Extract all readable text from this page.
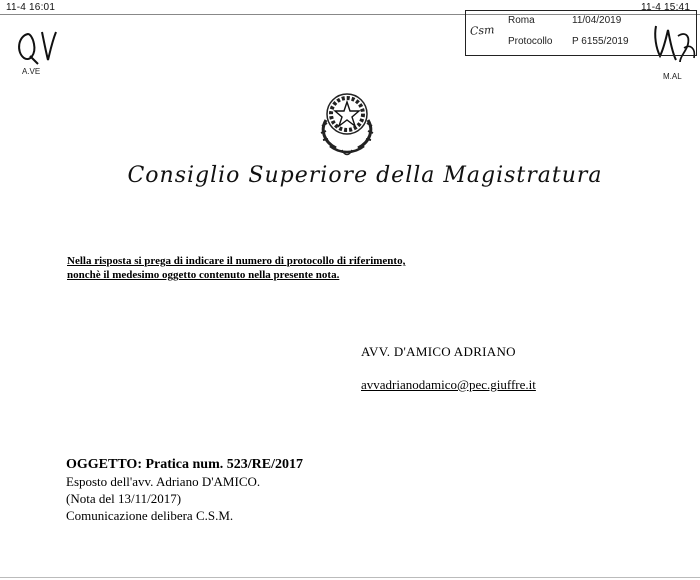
11-4 16:01	11-4 15:41
A.VE
M.AL
Csm
Roma	11/04/2019
Protocollo P 6155/2019
Consiglio Superiore della Magistratura
Nella risposta si prega di indicare il numero di protocollo di riferimento,
nonchè il medesimo oggetto contenuto nella presente nota.
AVV. D'AMICO ADRIANO
avvadrianodamico@pec.giuffre.it
OGGETTO: Pratica num. 523/RE/2017
Esposto dell'avv. Adriano D'AMICO.
(Nota del 13/11/2017)
Comunicazione delibera C.S.M.
